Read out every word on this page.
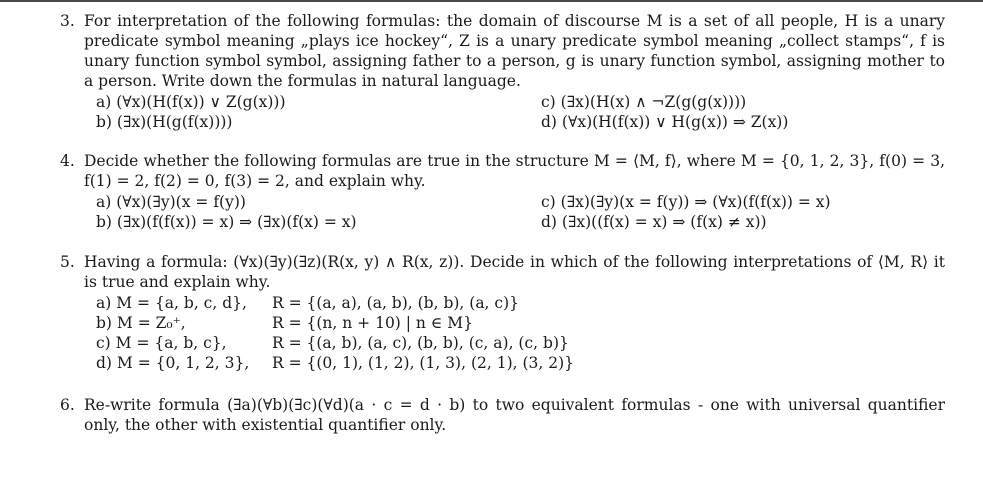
3. For interpretation of the following formulas: the domain of discourse M is a set of all people, H is a unary predicate symbol meaning „plays ice hockey“, Z is a unary predicate symbol meaning „collect stamps“, f is unary function symbol symbol, assigning father to a person, g is unary function symbol, assigning mother to a person. Write down the formulas in natural language.
a) (∀x)(H(f(x)) ∨ Z(g(x)))	c) (∃x)(H(x) ∧ ¬Z(g(g(x))))
b) (∃x)(H(g(f(x))))	d) (∀x)(H(f(x)) ∨ H(g(x)) ⇒ Z(x))
4. Decide whether the following formulas are true in the structure M = ⟨M, f⟩, where M = {0, 1, 2, 3}, f(0) = 3, f(1) = 2, f(2) = 0, f(3) = 2, and explain why.
a) (∀x)(∃y)(x = f(y))	c) (∃x)(∃y)(x = f(y)) ⇒ (∀x)(f(f(x)) = x)
b) (∃x)(f(f(x)) = x) ⇒ (∃x)(f(x) = x)	d) (∃x)((f(x) = x) ⇒ (f(x) ≠ x))
5. Having a formula: (∀x)(∃y)(∃z)(R(x, y) ∧ R(x, z)). Decide in which of the following interpretations of ⟨M, R⟩ it is true and explain why.
a) M = {a, b, c, d}, R = {(a, a), (a, b), (b, b), (a, c)}
b) M = Z₀⁺,	R = {(n, n + 10) | n ∈ M}
c) M = {a, b, c},	R = {(a, b), (a, c), (b, b), (c, a), (c, b)}
d) M = {0, 1, 2, 3}, R = {(0, 1), (1, 2), (1, 3), (2, 1), (3, 2)}
6. Re-write formula (∃a)(∀b)(∃c)(∀d)(a · c = d · b) to two equivalent formulas - one with universal quantifier only, the other with existential quantifier only.
